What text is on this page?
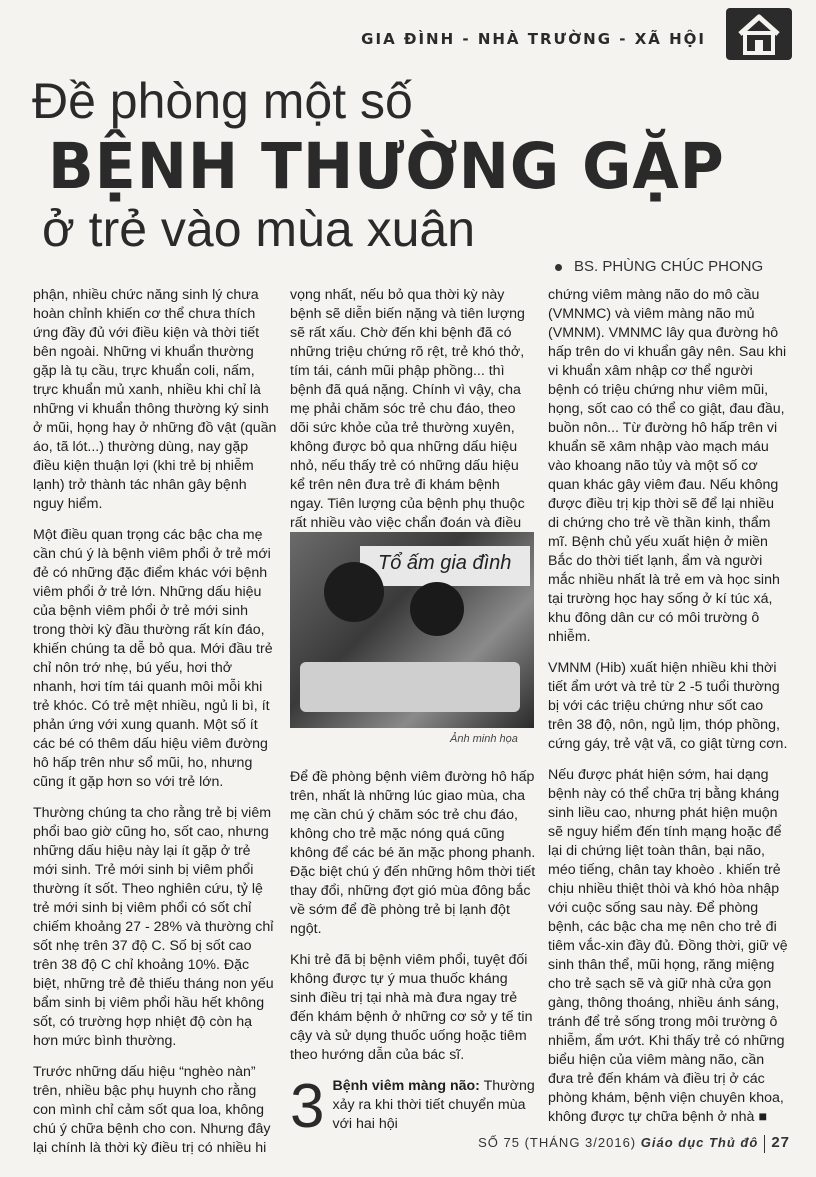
GIA ĐÌNH - NHÀ TRƯỜNG - XÃ HỘI
Đề phòng một số
BỆNH THƯỜNG GẶP
ở trẻ vào mùa xuân
BS. PHÙNG CHÚC PHONG

phận, nhiều chức năng sinh lý chưa hoàn chỉnh khiến cơ thể chưa thích ứng đầy đủ với điều kiện và thời tiết bên ngoài. Những vi khuẩn thường gặp là tụ cầu, trực khuẩn coli, nấm, trực khuẩn mủ xanh, nhiều khi chỉ là những vi khuẩn thông thường ký sinh ở mũi, họng hay ở những đồ vật (quần áo, tã lót...) thường dùng, nay gặp điều kiện thuận lợi (khi trẻ bị nhiễm lạnh) trở thành tác nhân gây bệnh nguy hiểm.

Một điều quan trọng các bậc cha mẹ cần chú ý là bệnh viêm phổi ở trẻ mới đẻ có những đặc điểm khác với bệnh viêm phổi ở trẻ lớn. Những dấu hiệu của bệnh viêm phổi ở trẻ mới sinh trong thời kỳ đầu thường rất kín đáo, khiến chúng ta dễ bỏ qua. Mới đầu trẻ chỉ nôn trớ nhẹ, bú yếu, hơi thở nhanh, hơi tím tái quanh môi mỗi khi trẻ khóc. Có trẻ mệt nhiều, ngủ li bì, ít phản ứng với xung quanh. Một số ít các bé có thêm dấu hiệu viêm đường hô hấp trên như sổ mũi, ho, nhưng cũng ít gặp hơn so với trẻ lớn.

Thường chúng ta cho rằng trẻ bị viêm phổi bao giờ cũng ho, sốt cao, nhưng những dấu hiệu này lại ít gặp ở trẻ mới sinh. Trẻ mới sinh bị viêm phổi thường ít sốt. Theo nghiên cứu, tỷ lệ trẻ mới sinh bị viêm phổi có sốt chỉ chiếm khoảng 27 - 28% và thường chỉ sốt nhẹ trên 37 độ C. Số bị sốt cao trên 38 độ C chỉ khoảng 10%. Đặc biệt, những trẻ đẻ thiếu tháng non yếu bẩm sinh bị viêm phổi hầu hết không sốt, có trường hợp nhiệt độ còn hạ hơn mức bình thường.

Trước những dấu hiệu “nghèo nàn” trên, nhiều bậc phụ huynh cho rằng con mình chỉ cảm sốt qua loa, không chú ý chữa bệnh cho con. Nhưng đây lại chính là thời kỳ điều trị có nhiều hi

vọng nhất, nếu bỏ qua thời kỳ này bệnh sẽ diễn biến nặng và tiên lượng sẽ rất xấu. Chờ đến khi bệnh đã có những triệu chứng rõ rệt, trẻ khó thở, tím tái, cánh mũi phập phồng... thì bệnh đã quá nặng. Chính vì vậy, cha mẹ phải chăm sóc trẻ chu đáo, theo dõi sức khỏe của trẻ thường xuyên, không được bỏ qua những dấu hiệu nhỏ, nếu thấy trẻ có những dấu hiệu kể trên nên đưa trẻ đi khám bệnh ngay. Tiên lượng của bệnh phụ thuộc rất nhiều vào việc chẩn đoán và điều

Tổ ấm gia đình
Ảnh minh họa

Để đề phòng bệnh viêm đường hô hấp trên, nhất là những lúc giao mùa, cha mẹ cần chú ý chăm sóc trẻ chu đáo, không cho trẻ mặc nóng quá cũng không để các bé ăn mặc phong phanh. Đặc biệt chú ý đến những hôm thời tiết thay đổi, những đợt gió mùa đông bắc về sớm để đề phòng trẻ bị lạnh đột ngột.

Khi trẻ đã bị bệnh viêm phổi, tuyệt đối không được tự ý mua thuốc kháng sinh điều trị tại nhà mà đưa ngay trẻ đến khám bệnh ở những cơ sở y tế tin cậy và sử dụng thuốc uống hoặc tiêm theo hướng dẫn của bác sĩ.

3 Bệnh viêm màng não: Thường xảy ra khi thời tiết chuyển mùa với hai hội

chứng viêm màng não do mô cầu (VMNMC) và viêm màng não mủ (VMNM). VMNMC lây qua đường hô hấp trên do vi khuẩn gây nên. Sau khi vi khuẩn xâm nhập cơ thể người bệnh có triệu chứng như viêm mũi, họng, sốt cao có thể co giật, đau đầu, buồn nôn... Từ đường hô hấp trên vi khuẩn sẽ xâm nhập vào mạch máu vào khoang não tủy và một số cơ quan khác gây viêm đau. Nếu không được điều trị kịp thời sẽ để lại nhiều di chứng cho trẻ về thần kinh, thẩm mĩ. Bệnh chủ yếu xuất hiện ở miền Bắc do thời tiết lạnh, ẩm và người mắc nhiều nhất là trẻ em và học sinh tại trường học hay sống ở kí túc xá, khu đông dân cư có môi trường ô nhiễm.

VMNM (Hib) xuất hiện nhiều khi thời tiết ẩm ướt và trẻ từ 2 -5 tuổi thường bị với các triệu chứng như sốt cao trên 38 độ, nôn, ngủ lịm, thóp phồng, cứng gáy, trẻ vật vã, co giật từng cơn.

Nếu được phát hiện sớm, hai dạng bệnh này có thể chữa trị bằng kháng sinh liều cao, nhưng phát hiện muộn sẽ nguy hiểm đến tính mạng hoặc để lại di chứng liệt toàn thân, bại não, méo tiếng, chân tay khoèo . khiến trẻ chịu nhiều thiệt thòi và khó hòa nhập với cuộc sống sau này. Để phòng bệnh, các bậc cha mẹ nên cho trẻ đi tiêm vắc-xin đầy đủ. Đồng thời, giữ vệ sinh thân thể, mũi họng, răng miệng cho trẻ sạch sẽ và giữ nhà cửa gọn gàng, thông thoáng, nhiều ánh sáng, tránh để trẻ sống trong môi trường ô nhiễm, ẩm ướt. Khi thấy trẻ có những biểu hiện của viêm màng não, cần đưa trẻ đến khám và điều trị ở các phòng khám, bệnh viện chuyên khoa, không được tự chữa bệnh ở nhà ■

SỐ 75 (THÁNG 3/2016) Giáo dục Thủ đô 27
